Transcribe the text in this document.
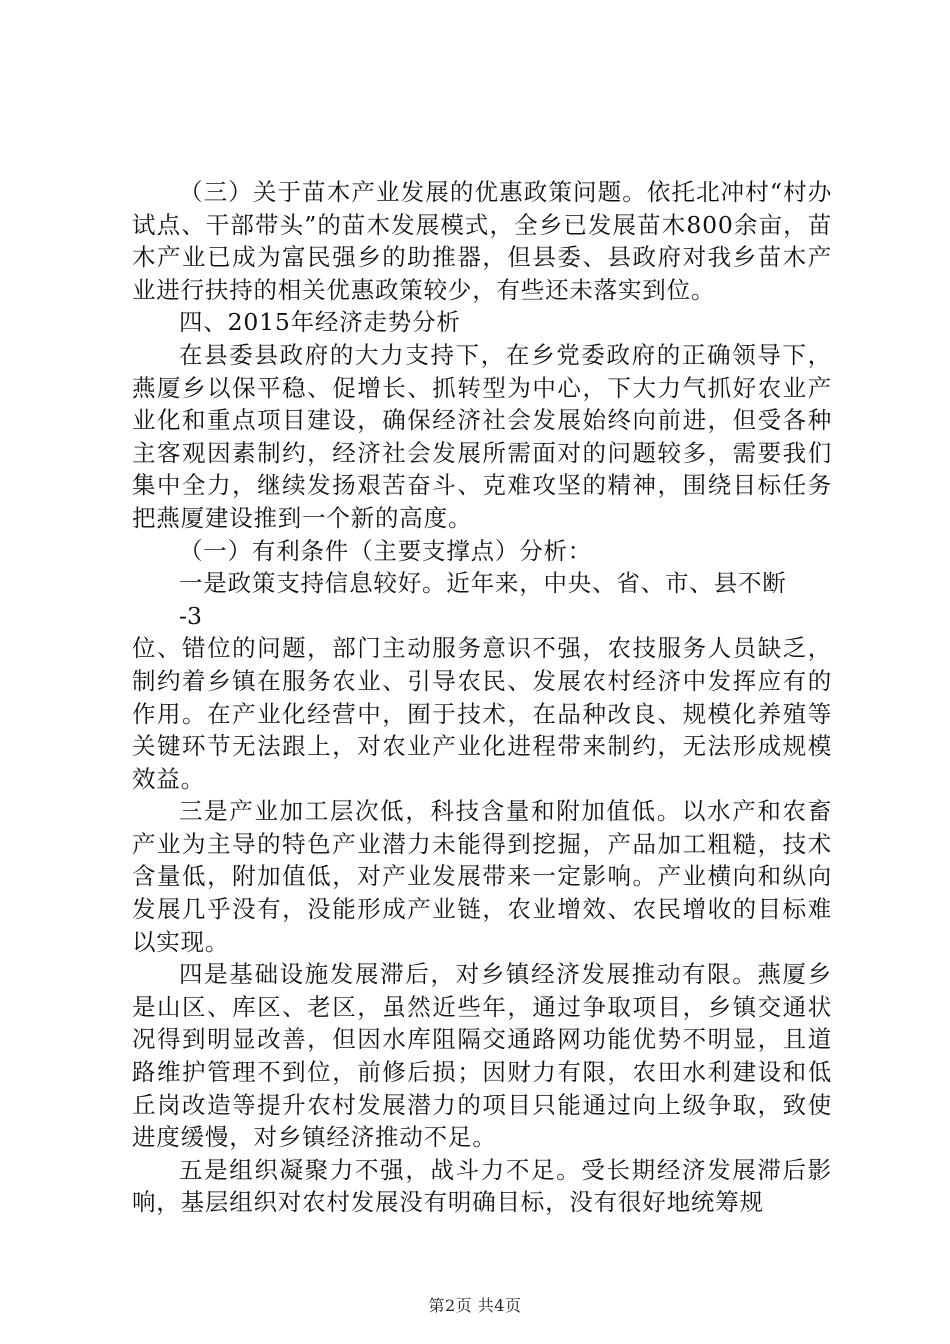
（三）关于苗木产业发展的优惠政策问题。依托北冲村“村办试点、干部带头”的苗木发展模式，全乡已发展苗木800余亩，苗木产业已成为富民强乡的助推器，但县委、县政府对我乡苗木产业进行扶持的相关优惠政策较少，有些还未落实到位。

四、2015年经济走势分析

在县委县政府的大力支持下，在乡党委政府的正确领导下，燕厦乡以保平稳、促增长、抓转型为中心，下大力气抓好农业产业化和重点项目建设，确保经济社会发展始终向前进，但受各种主客观因素制约，经济社会发展所需面对的问题较多，需要我们集中全力，继续发扬艰苦奋斗、克难攻坚的精神，围绕目标任务把燕厦建设推到一个新的高度。

（一）有利条件（主要支撑点）分析：

一是政策支持信息较好。近年来，中央、省、市、县不断

-3

位、错位的问题，部门主动服务意识不强，农技服务人员缺乏，制约着乡镇在服务农业、引导农民、发展农村经济中发挥应有的作用。在产业化经营中，囿于技术，在品种改良、规模化养殖等关键环节无法跟上，对农业产业化进程带来制约，无法形成规模效益。

三是产业加工层次低，科技含量和附加值低。以水产和农畜产业为主导的特色产业潜力未能得到挖掘，产品加工粗糙，技术含量低，附加值低，对产业发展带来一定影响。产业横向和纵向发展几乎没有，没能形成产业链，农业增效、农民增收的目标难以实现。

四是基础设施发展滞后，对乡镇经济发展推动有限。燕厦乡是山区、库区、老区，虽然近些年，通过争取项目，乡镇交通状况得到明显改善，但因水库阻隔交通路网功能优势不明显，且道路维护管理不到位，前修后损；因财力有限，农田水利建设和低丘岗改造等提升农村发展潜力的项目只能通过向上级争取，致使进度缓慢，对乡镇经济推动不足。

五是组织凝聚力不强，战斗力不足。受长期经济发展滞后影响，基层组织对农村发展没有明确目标，没有很好地统筹规

第2页 共4页
